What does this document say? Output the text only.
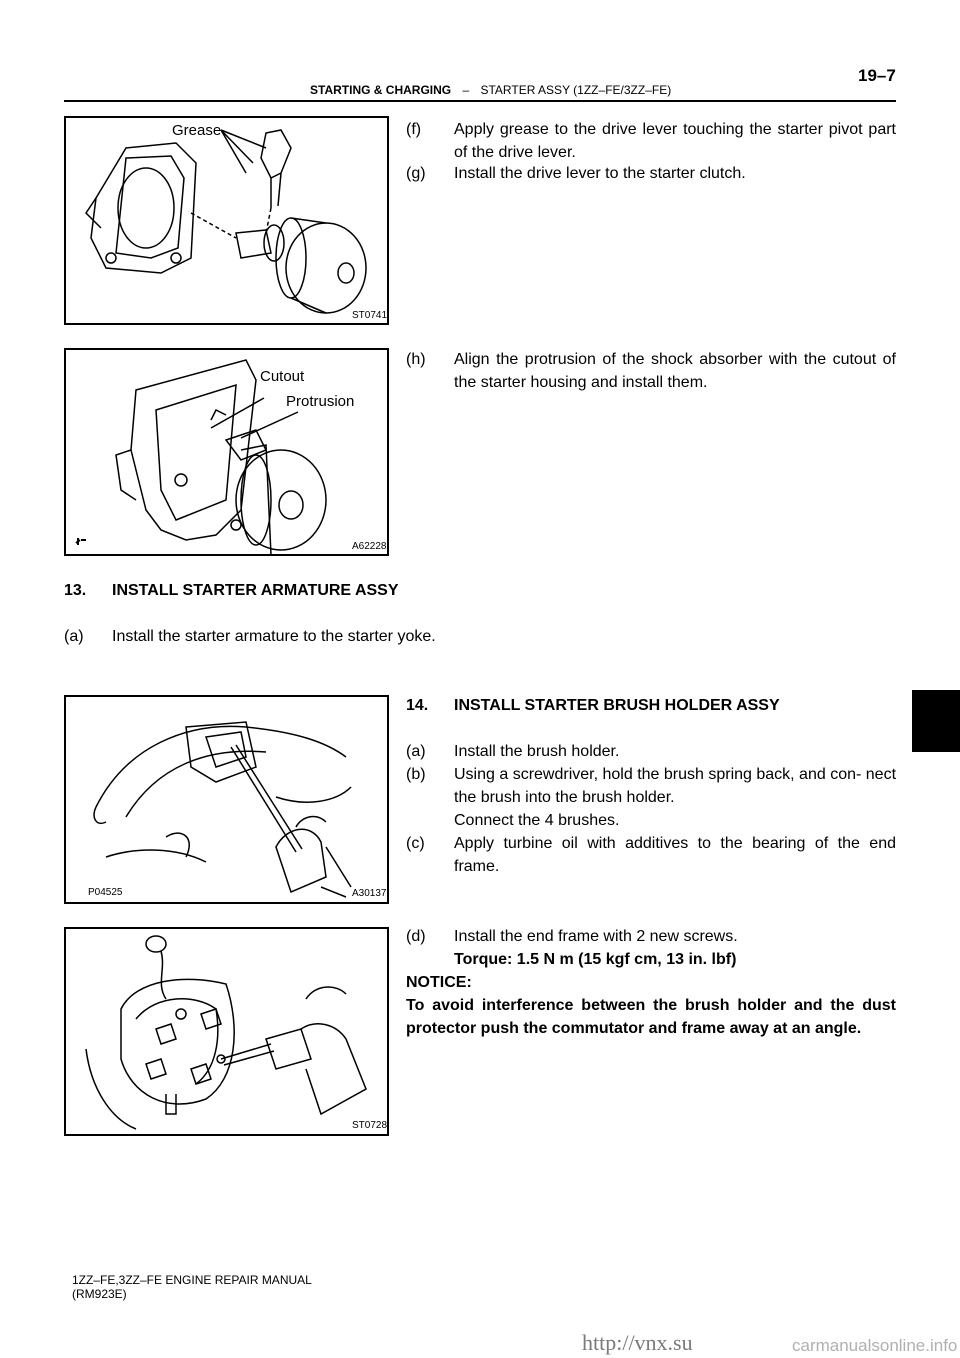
19–7
STARTING & CHARGING – STARTER ASSY (1ZZ–FE/3ZZ–FE)
Grease
ST0741
Cutout
Protrusion
A62228
P04525	A30137
ST0728
(f) Apply grease to the drive lever touching the starter pivot part of the drive lever.
(g) Install the drive lever to the starter clutch.
(h) Align the protrusion of the shock absorber with the cutout of the starter housing and install them.
13. INSTALL STARTER ARMATURE ASSY
(a) Install the starter armature to the starter yoke.
14. INSTALL STARTER BRUSH HOLDER ASSY
(a) Install the brush holder.
(b) Using a screwdriver, hold the brush spring back, and con- nect the brush into the brush holder.
Connect the 4 brushes.
(c) Apply turbine oil with additives to the bearing of the end frame.
(d) Install the end frame with 2 new screws.
Torque: 1.5 N m (15 kgf cm, 13 in. lbf)
NOTICE:
To avoid interference between the brush holder and the dust protector push the commutator and frame away at an angle.
1ZZ–FE,3ZZ–FE ENGINE REPAIR MANUAL
(RM923E)
http://vnx.su	carmanualsonline.info
